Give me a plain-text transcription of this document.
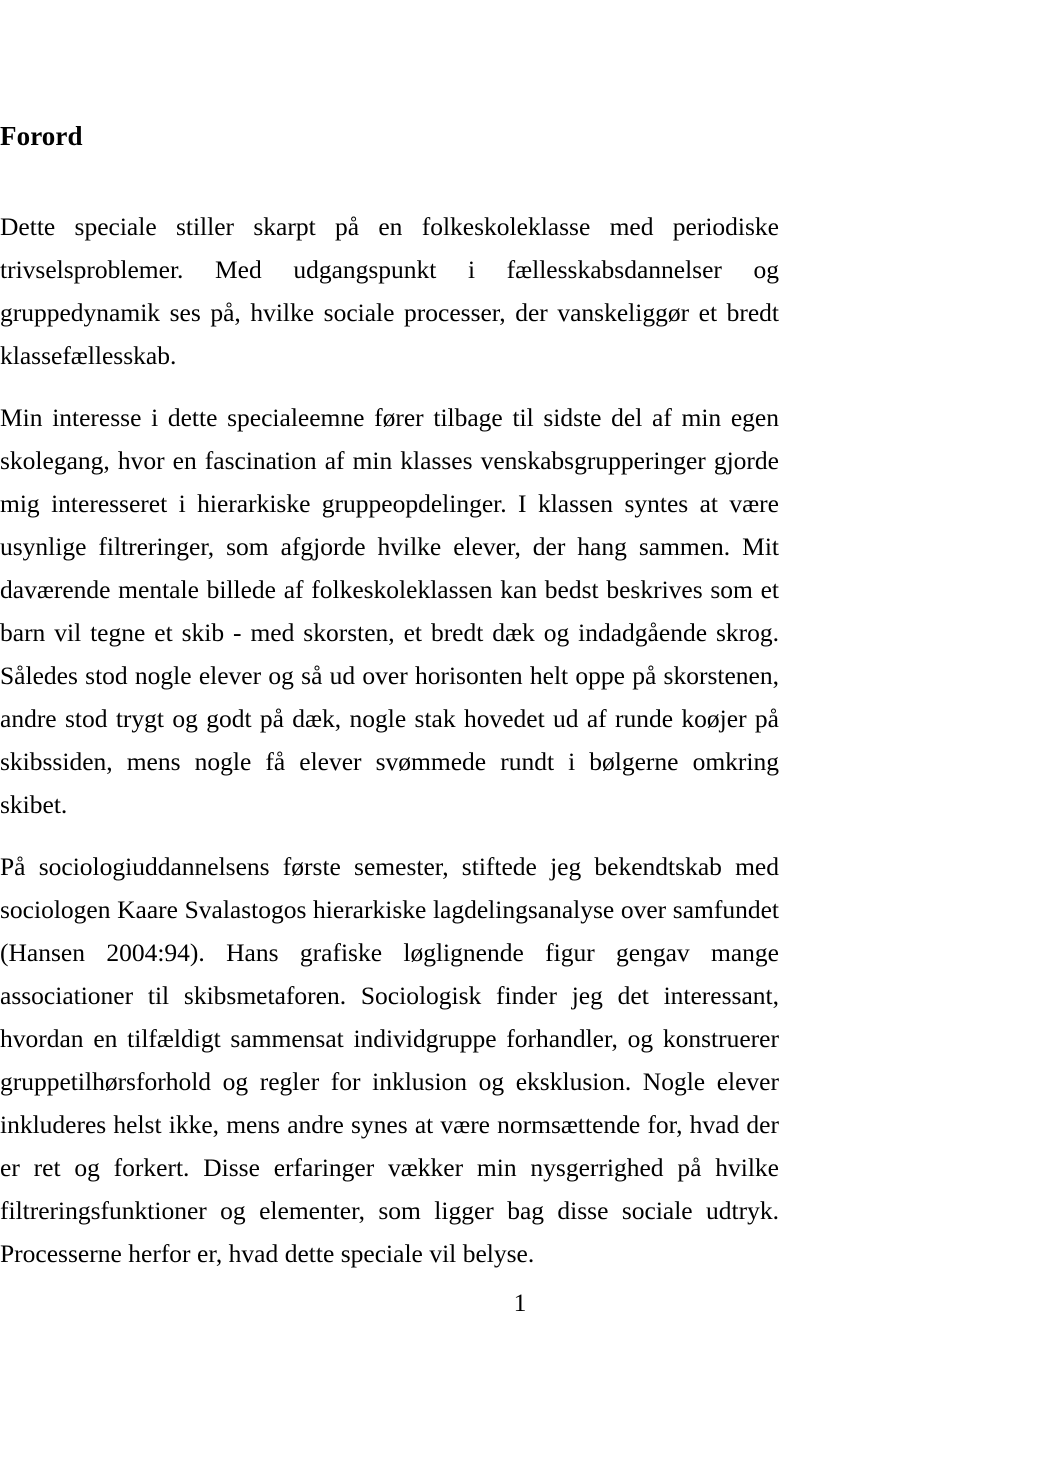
Forord

Dette speciale stiller skarpt på en folkeskoleklasse med periodiske trivselsproblemer. Med udgangspunkt i fællesskabsdannelser og gruppedynamik ses på, hvilke sociale processer, der vanskeliggør et bredt klassefællesskab.

Min interesse i dette specialeemne fører tilbage til sidste del af min egen skolegang, hvor en fascination af min klasses venskabsgrupperinger gjorde mig interesseret i hierarkiske gruppeopdelinger. I klassen syntes at være usynlige filtreringer, som afgjorde hvilke elever, der hang sammen. Mit daværende mentale billede af folkeskoleklassen kan bedst beskrives som et barn vil tegne et skib - med skorsten, et bredt dæk og indadgående skrog. Således stod nogle elever og så ud over horisonten helt oppe på skorstenen, andre stod trygt og godt på dæk, nogle stak hovedet ud af runde koøjer på skibssiden, mens nogle få elever svømmede rundt i bølgerne omkring skibet.

På sociologiuddannelsens første semester, stiftede jeg bekendtskab med sociologen Kaare Svalastogos hierarkiske lagdelingsanalyse over samfundet (Hansen 2004:94). Hans grafiske løglignende figur gengav mange associationer til skibsmetaforen. Sociologisk finder jeg det interessant, hvordan en tilfældigt sammensat individgruppe forhandler, og konstruerer gruppetilhørsforhold og regler for inklusion og eksklusion. Nogle elever inkluderes helst ikke, mens andre synes at være normsættende for, hvad der er ret og forkert. Disse erfaringer vækker min nysgerrighed på hvilke filtreringsfunktioner og elementer, som ligger bag disse sociale udtryk. Processerne herfor er, hvad dette speciale vil belyse.

1
